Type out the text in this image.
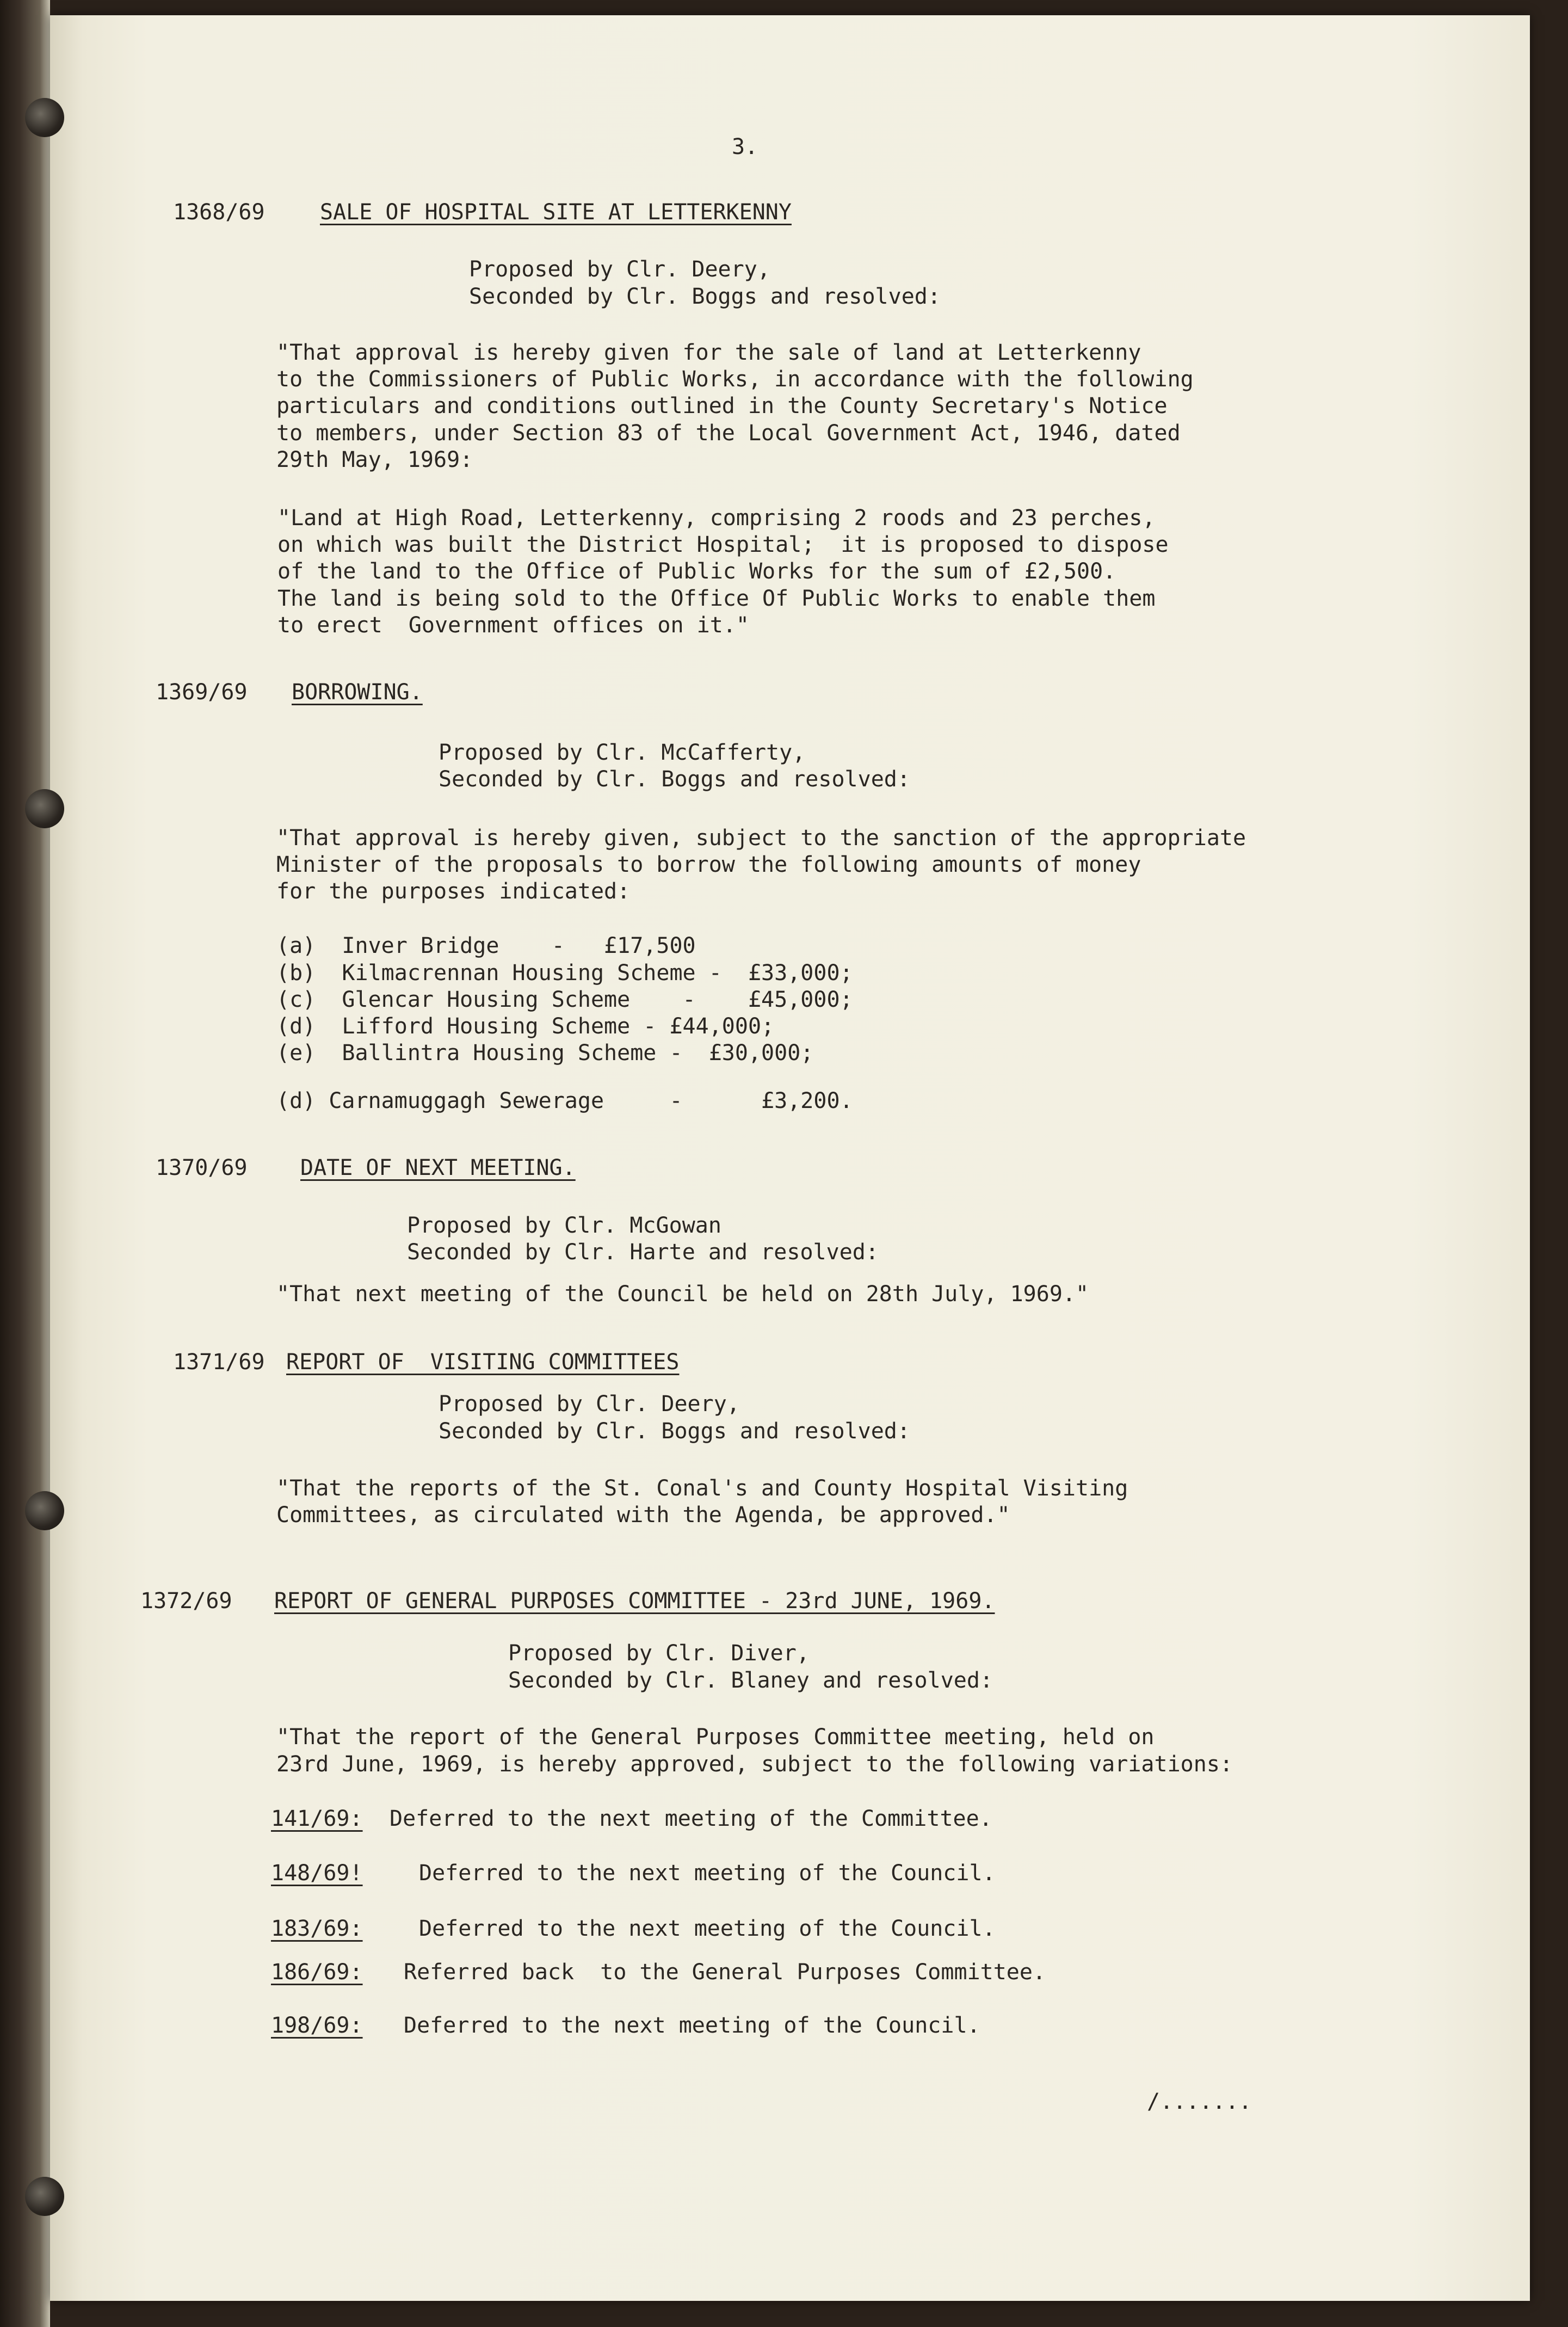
3.
1368/69	SALE OF HOSPITAL SITE AT LETTERKENNY
Proposed by Clr. Deery,
Seconded by Clr. Boggs and resolved:
"That approval is hereby given for the sale of land at Letterkenny
to the Commissioners of Public Works, in accordance with the following
particulars and conditions outlined in the County Secretary's Notice
to members, under Section 83 of the Local Government Act, 1946, dated
29th May, 1969:
"Land at High Road, Letterkenny, comprising 2 roods and 23 perches,
on which was built the District Hospital;  it is proposed to dispose
of the land to the Office of Public Works for the sum of £2,500.
The land is being sold to the Office Of Public Works to enable them
to erect  Government offices on it."
1369/69 BORROWING.
Proposed by Clr. McCafferty,
Seconded by Clr. Boggs and resolved:
"That approval is hereby given, subject to the sanction of the appropriate
Minister of the proposals to borrow the following amounts of money
for the purposes indicated:
(a)  Inver Bridge    -   £17,500
(b)  Kilmacrennan Housing Scheme -  £33,000;
(c)  Glencar Housing Scheme    -    £45,000;
(d)  Lifford Housing Scheme - £44,000;
(e)  Ballintra Housing Scheme -  £30,000;
(d) Carnamuggagh Sewerage     -      £3,200.
1370/69 DATE OF NEXT MEETING.
Proposed by Clr. McGowan
Seconded by Clr. Harte and resolved:
"That next meeting of the Council be held on 28th July, 1969."
1371/69 REPORT OF  VISITING COMMITTEES
Proposed by Clr. Deery,
Seconded by Clr. Boggs and resolved:
"That the reports of the St. Conal's and County Hospital Visiting
Committees, as circulated with the Agenda, be approved."
1372/69 REPORT OF GENERAL PURPOSES COMMITTEE - 23rd JUNE, 1969.
Proposed by Clr. Diver,
Seconded by Clr. Blaney and resolved:
"That the report of the General Purposes Committee meeting, held on
23rd June, 1969, is hereby approved, subject to the following variations:
141/69: Deferred to the next meeting of the Committee.
148/69!	Deferred to the next meeting of the Council.
183/69:	Deferred to the next meeting of the Council.
186/69: Referred back  to the General Purposes Committee.
198/69: Deferred to the next meeting of the Council.
/.......
